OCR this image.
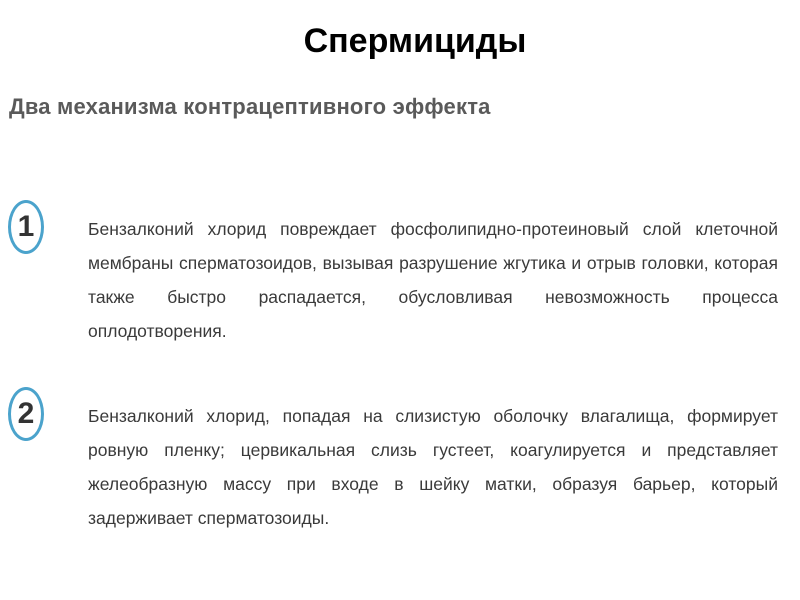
Спермициды
Два механизма контрацептивного эффекта
1	Бензалконий хлорид повреждает фосфолипидно-протеиновый слой клеточной мембраны сперматозоидов, вызывая разрушение жгутика и отрыв головки, которая также быстро распадается, обусловливая невозможность процесса оплодотворения.
2	Бензалконий хлорид, попадая на слизистую оболочку влагалища, формирует ровную пленку; цервикальная слизь густеет, коагулируется и представляет желеобразную массу при входе в шейку матки, образуя барьер, который задерживает сперматозоиды.
